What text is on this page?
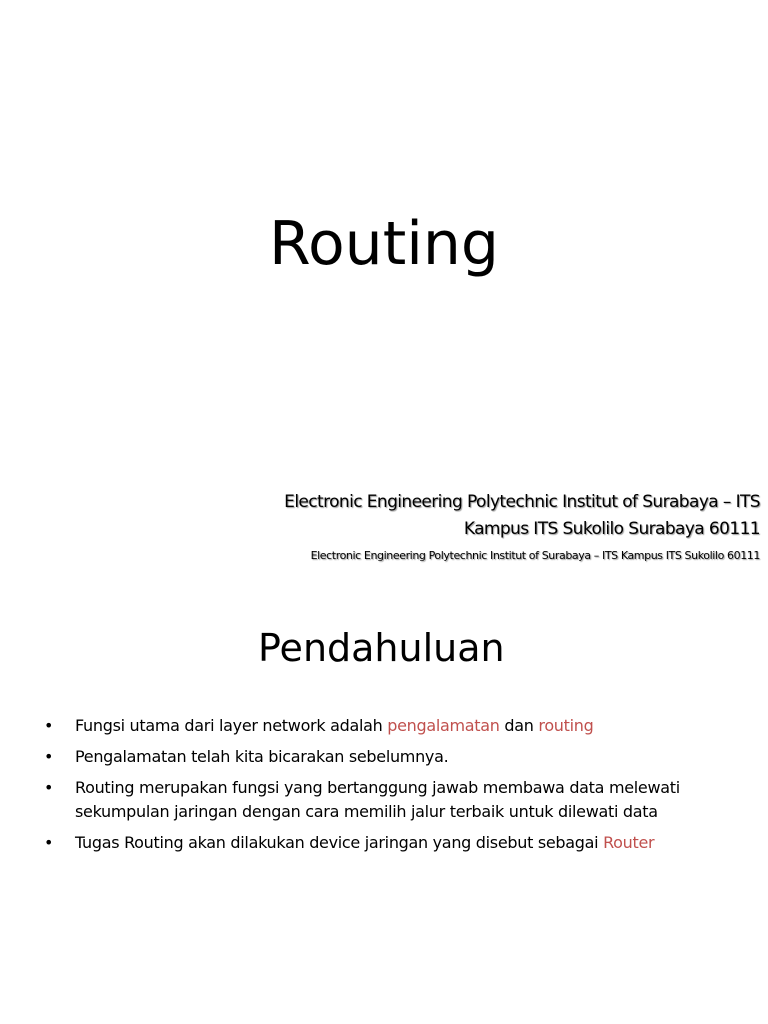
Routing
Electronic Engineering Polytechnic Institut of Surabaya – ITS
Kampus ITS Sukolilo Surabaya 60111
Electronic Engineering Polytechnic Institut of Surabaya – ITS Kampus ITS Sukolilo 60111
Pendahuluan
• Fungsi utama dari layer network adalah pengalamatan dan routing
• Pengalamatan telah kita bicarakan sebelumnya.
• Routing merupakan fungsi yang bertanggung jawab membawa data melewati sekumpulan jaringan dengan cara memilih jalur terbaik untuk dilewati data
• Tugas Routing akan dilakukan device jaringan yang disebut sebagai Router
